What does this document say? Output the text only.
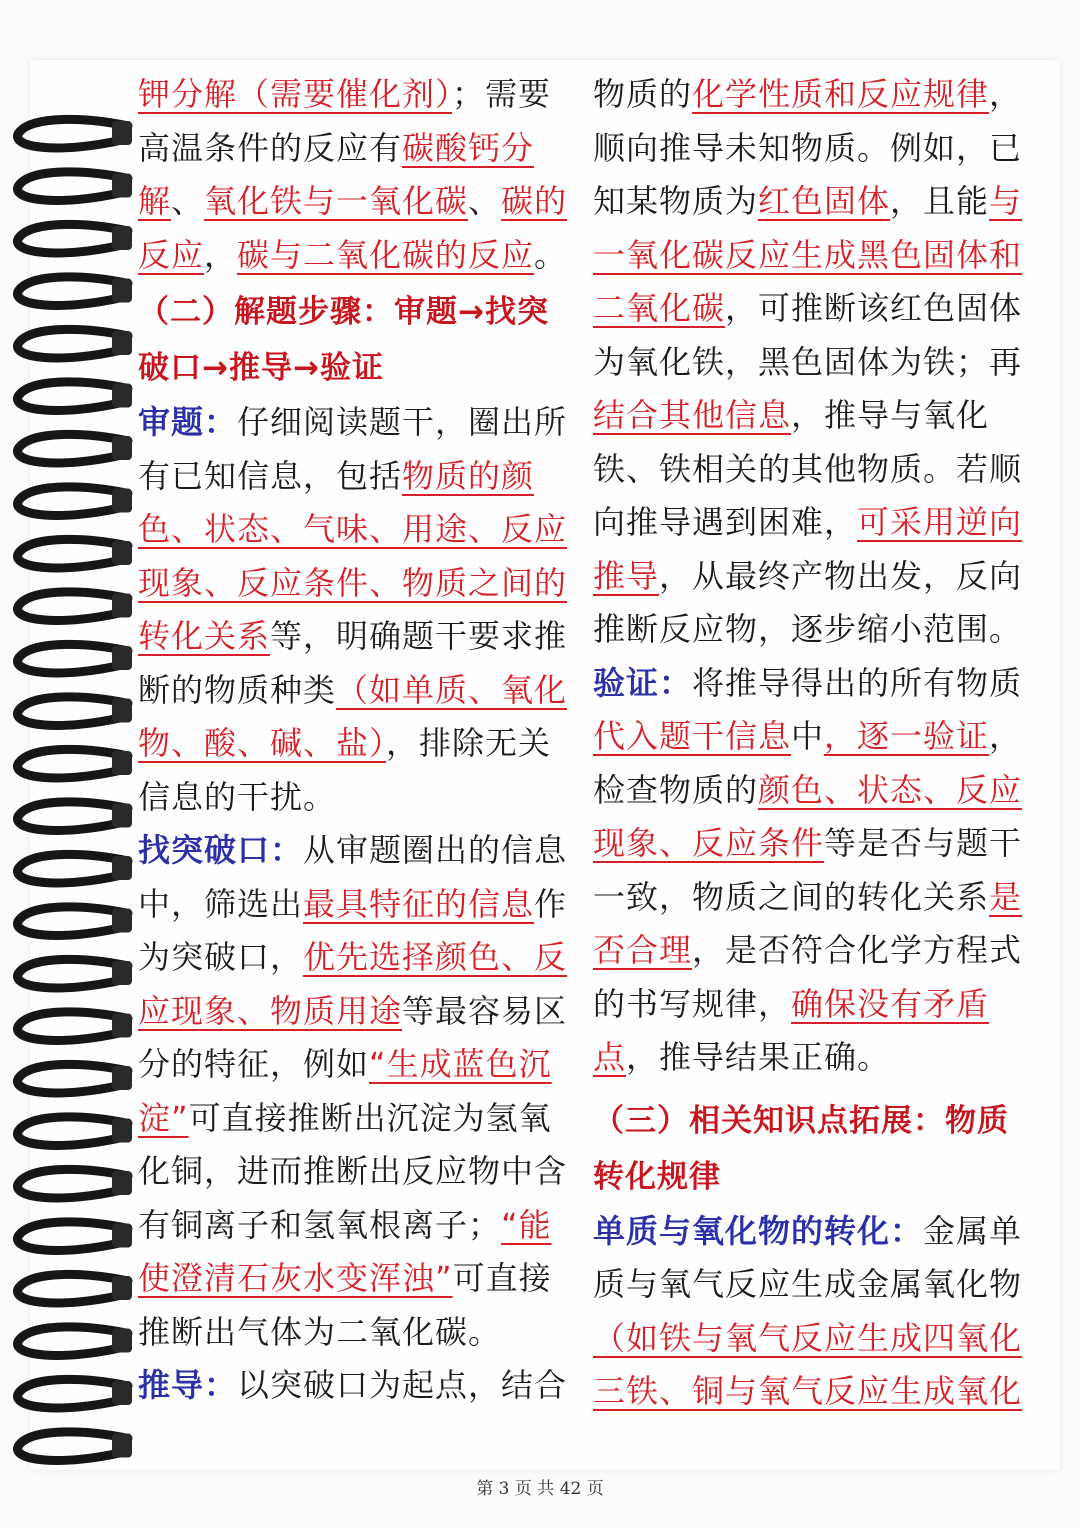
钾分解（需要催化剂）；需要高温条件的反应有碳酸钙分解、氧化铁与一氧化碳、碳的反应，碳与二氧化碳的反应。

（二）解题步骤：审题→找突破口→推导→验证

审题：仔细阅读题干，圈出所有已知信息，包括物质的颜色、状态、气味、用途、反应现象、反应条件、物质之间的转化关系等，明确题干要求推断的物质种类（如单质、氧化物、酸、碱、盐），排除无关信息的干扰。

找突破口：从审题圈出的信息中，筛选出最具特征的信息作为突破口，优先选择颜色、反应现象、物质用途等最容易区分的特征，例如“生成蓝色沉淀”可直接推断出沉淀为氢氧化铜，进而推断出反应物中含有铜离子和氢氧根离子；“能使澄清石灰水变浑浊”可直接推断出气体为二氧化碳。

推导：以突破口为起点，结合

物质的化学性质和反应规律，顺向推导未知物质。例如，已知某物质为红色固体，且能与一氧化碳反应生成黑色固体和二氧化碳，可推断该红色固体为氧化铁，黑色固体为铁；再结合其他信息，推导与氧化铁、铁相关的其他物质。若顺向推导遇到困难，可采用逆向推导，从最终产物出发，反向推断反应物，逐步缩小范围。

验证：将推导得出的所有物质代入题干信息中，逐一验证，检查物质的颜色、状态、反应现象、反应条件等是否与题干一致，物质之间的转化关系是否合理，是否符合化学方程式的书写规律，确保没有矛盾点，推导结果正确。

（三）相关知识点拓展：物质转化规律

单质与氧化物的转化：金属单质与氧气反应生成金属氧化物（如铁与氧气反应生成四氧化三铁、铜与氧气反应生成氧化

第 3 页 共 42 页
